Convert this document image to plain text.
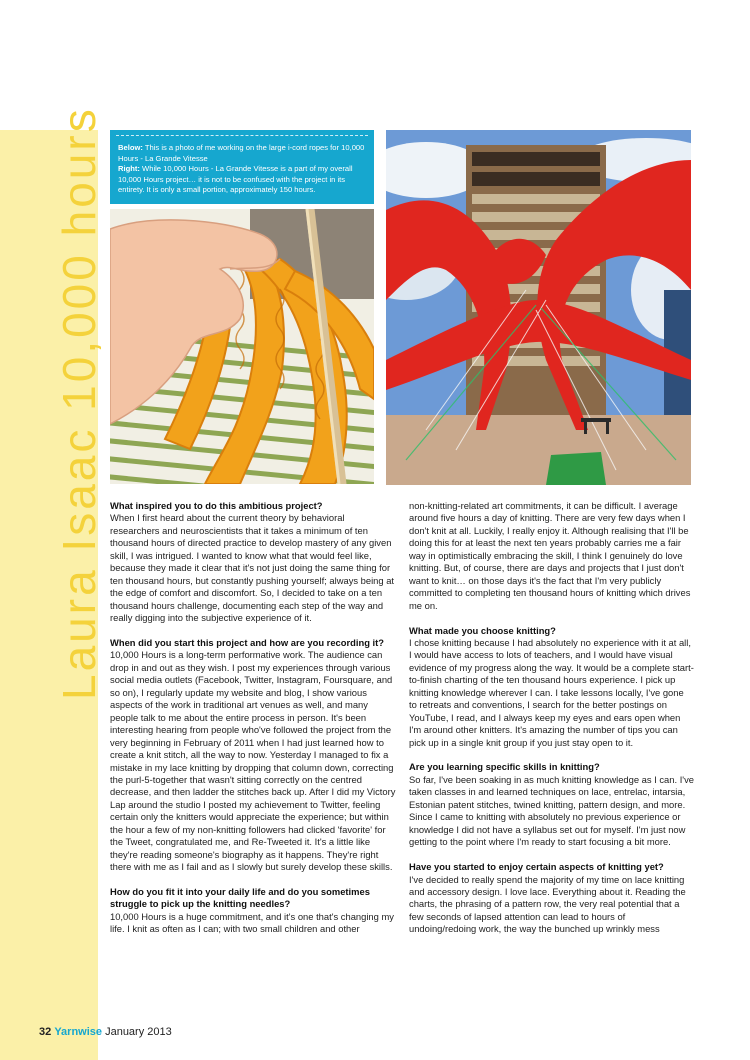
Laura Isaac 10,000 hours	Below: This is a photo of me working on the large i-cord ropes for 10,000 Hours - La Grande Vitesse
Right: While 10,000 Hours - La Grande Vitesse is a part of my overall 10,000 Hours project… it is not to be confused with the project in its entirety. It is only a small portion, approximately 150 hours.

What inspired you to do this ambitious project?

When I first heard about the current theory by behavioral researchers and neuroscientists that it takes a minimum of ten thousand hours of directed practice to develop mastery of any given skill, I was intrigued. I wanted to know what that would feel like, because they made it clear that it's not just doing the same thing for ten thousand hours, but constantly pushing yourself; always being at the edge of comfort and discomfort. So, I decided to take on a ten thousand hours challenge, documenting each step of the way and really digging into the subjective experience of it.

When did you start this project and how are you recording it?

10,000 Hours is a long-term performative work. The audience can drop in and out as they wish. I post my experiences through various social media outlets (Facebook, Twitter, Instagram, Foursquare, and so on), I regularly update my website and blog, I show various aspects of the work in traditional art venues as well, and many people talk to me about the entire process in person. It's been interesting hearing from people who've followed the project from the very beginning in February of 2011 when I had just learned how to create a knit stitch, all the way to now. Yesterday I managed to fix a mistake in my lace knitting by dropping that column down, correcting the purl-5-together that wasn't sitting correctly on the centred decrease, and then ladder the stitches back up. After I did my Victory Lap around the studio I posted my achievement to Twitter, feeling certain only the knitters would appreciate the experience; but within the hour a few of my non-knitting followers had clicked 'favorite' for the Tweet, congratulated me, and Re-Tweeted it. It's a little like they're reading someone's biography as it happens. They're right there with me as I fail and as I slowly but surely develop these skills.

How do you fit it into your daily life and do you sometimes struggle to pick up the knitting needles?

10,000 Hours is a huge commitment, and it's one that's changing my life. I knit as often as I can; with two small children and other

non-knitting-related art commitments, it can be difficult. I average around five hours a day of knitting. There are very few days when I don't knit at all. Luckily, I really enjoy it. Although realising that I'll be doing this for at least the next ten years probably carries me a fair way in optimistically embracing the skill, I think I genuinely do love knitting. But, of course, there are days and projects that I just don't want to knit… on those days it's the fact that I'm very publicly committed to completing ten thousand hours of knitting which drives me on.

What made you choose knitting?

I chose knitting because I had absolutely no experience with it at all, I would have access to lots of teachers, and I would have visual evidence of my progress along the way. It would be a complete start-to-finish charting of the ten thousand hours experience. I pick up knitting knowledge wherever I can. I take lessons locally, I've gone to retreats and conventions, I search for the better postings on YouTube, I read, and I always keep my eyes and ears open when I'm around other knitters. It's amazing the number of tips you can pick up in a single knit group if you just stay open to it.

Are you learning specific skills in knitting?

So far, I've been soaking in as much knitting knowledge as I can. I've taken classes in and learned techniques on lace, entrelac, intarsia, Estonian patent stitches, twined knitting, pattern design, and more. Since I came to knitting with absolutely no previous experience or knowledge I did not have a syllabus set out for myself. I'm just now getting to the point where I'm ready to start focusing a bit more.

Have you started to enjoy certain aspects of knitting yet?

I've decided to really spend the majority of my time on lace knitting and accessory design. I love lace. Everything about it. Reading the charts, the phrasing of a pattern row, the very real potential that a few seconds of lapsed attention can lead to hours of undoing/redoing work, the way the bunched up wrinkly mess

32 Yarnwise January 2013
